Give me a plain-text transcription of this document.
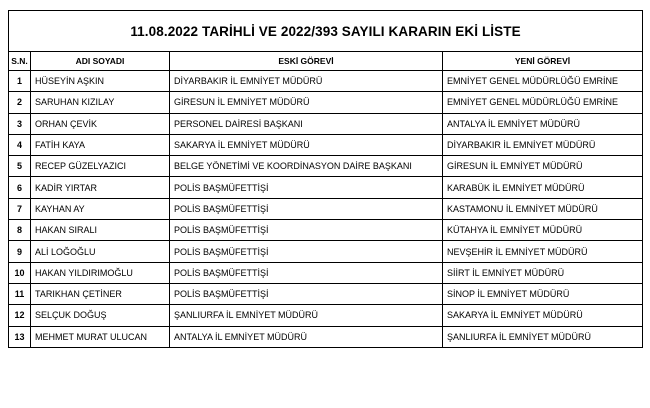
11.08.2022 TARİHLİ VE 2022/393 SAYILI KARARIN EKİ LİSTE			
S.N.	ADI SOYADI	ESKİ GÖREVİ	YENİ GÖREVİ
1	HÜSEYİN AŞKIN	DİYARBAKIR İL EMNİYET MÜDÜRÜ	EMNİYET GENEL MÜDÜRLÜĞÜ EMRİNE
2	SARUHAN KIZILAY	GİRESUN İL EMNİYET MÜDÜRÜ	EMNİYET GENEL MÜDÜRLÜĞÜ EMRİNE
3	ORHAN ÇEVİK	PERSONEL DAİRESİ BAŞKANI	ANTALYA İL EMNİYET MÜDÜRÜ
4	FATİH KAYA	SAKARYA İL EMNİYET MÜDÜRÜ	DİYARBAKIR İL EMNİYET MÜDÜRÜ
5	RECEP GÜZELYAZICI	BELGE YÖNETİMİ VE KOORDİNASYON DAİRE BAŞKANI	GİRESUN İL EMNİYET MÜDÜRÜ
6	KADİR YIRTAR	POLİS BAŞMÜFETTİŞİ	KARABÜK İL EMNİYET MÜDÜRÜ
7	KAYHAN AY	POLİS BAŞMÜFETTİŞİ	KASTAMONU İL EMNİYET MÜDÜRÜ
8	HAKAN SIRALI	POLİS BAŞMÜFETTİŞİ	KÜTAHYA İL EMNİYET MÜDÜRÜ
9	ALİ LOĞOĞLU	POLİS BAŞMÜFETTİŞİ	NEVŞEHİR İL EMNİYET MÜDÜRÜ
10	HAKAN YILDIRIMOĞLU	POLİS BAŞMÜFETTİŞİ	SİİRT İL EMNİYET MÜDÜRÜ
11	TARIKHAN ÇETİNER	POLİS BAŞMÜFETTİŞİ	SİNOP İL EMNİYET MÜDÜRÜ
12	SELÇUK DOĞUŞ	ŞANLIURFA İL EMNİYET MÜDÜRÜ	SAKARYA İL EMNİYET MÜDÜRÜ
13	MEHMET MURAT ULUCAN	ANTALYA İL EMNİYET MÜDÜRÜ	ŞANLIURFA İL EMNİYET MÜDÜRÜ
